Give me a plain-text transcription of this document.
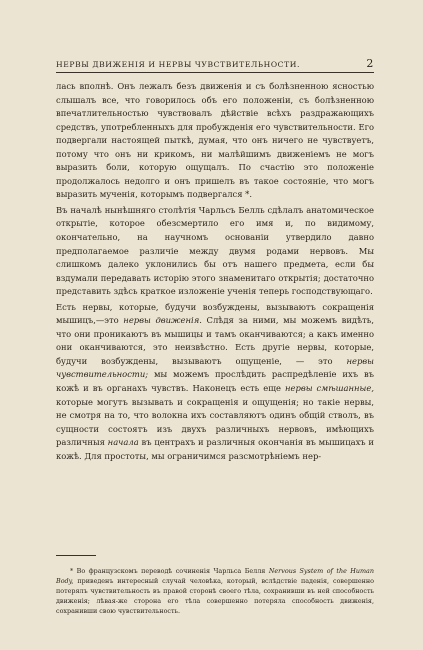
НЕРВЫ ДВИЖЕНІЯ И НЕРВЫ ЧУВСТВИТЕЛЬНОСТИ.	2

лась вполнѣ. Онъ лежалъ безъ движенія и съ болѣзненною ясностью слышалъ все, что говорилось объ его положеніи, съ болѣзненною впечатлительностью чувствовалъ дѣйствіе всѣхъ раздражающихъ средствъ, употребленныхъ для пробужденія его чувствительности. Его подвергали настоящей пыткѣ, думая, что онъ ничего не чувствуетъ, потому что онъ ни крикомъ, ни малѣйшимъ движеніемъ не могъ выразить боли, которую ощущалъ. По счастію это положеніе продолжалось недолго и онъ пришелъ въ такое состояніе, что могъ выразить мученія, которымъ подвергался *.

Въ началѣ нынѣшняго столѣтія Чарльсъ Белль сдѣлалъ анатомическое открытіе, которое обезсмертило его имя и, по видимому, окончательно, на научномъ основаніи утвердило давно предполагаемое различіе между двумя родами нервовъ. Мы слишкомъ далеко уклонились бы отъ нашего предмета, если бы вздумали передавать исторію этого знаменитаго открытія; достаточно представить здѣсь краткое изложеніе ученія теперь господствующаго.

Есть нервы, которые, будучи возбуждены, вызываютъ сокращенія мышицъ,—это нервы движенія. Слѣдя за ними, мы можемъ видѣть, что они проникаютъ въ мышицы и тамъ оканчиваются; а какъ именно они оканчиваются, это неизвѣстно. Есть другіе нервы, которые, будучи возбуждены, вызываютъ ощущеніе, — это нервы чувствительности; мы можемъ прослѣдить распредѣленіе ихъ въ кожѣ и въ органахъ чувствъ. Наконецъ есть еще нервы смѣшанные, которые могутъ вызывать и сокращенія и ощущенія; но такіе нервы, не смотря на то, что волокна ихъ составляютъ одинъ общій стволъ, въ сущности состоятъ изъ двухъ различныхъ нервовъ, имѣющихъ различныя начала въ центрахъ и различныя окончанія въ мышицахъ и кожѣ. Для простоты, мы ограничимся разсмотрѣніемъ нер-

* Во французскомъ переводѣ сочиненія Чарльса Белля Nervous System of the Human Body, приведенъ интересный случай человѣка, который, вслѣдствіе паденія, совершенно потерялъ чувствительность въ правой сторонѣ своего тѣла, сохранивши въ ней способность движенія; лѣвая-же сторона его тѣла совершенно потеряла способность движенія, сохранивши свою чувствительность.
